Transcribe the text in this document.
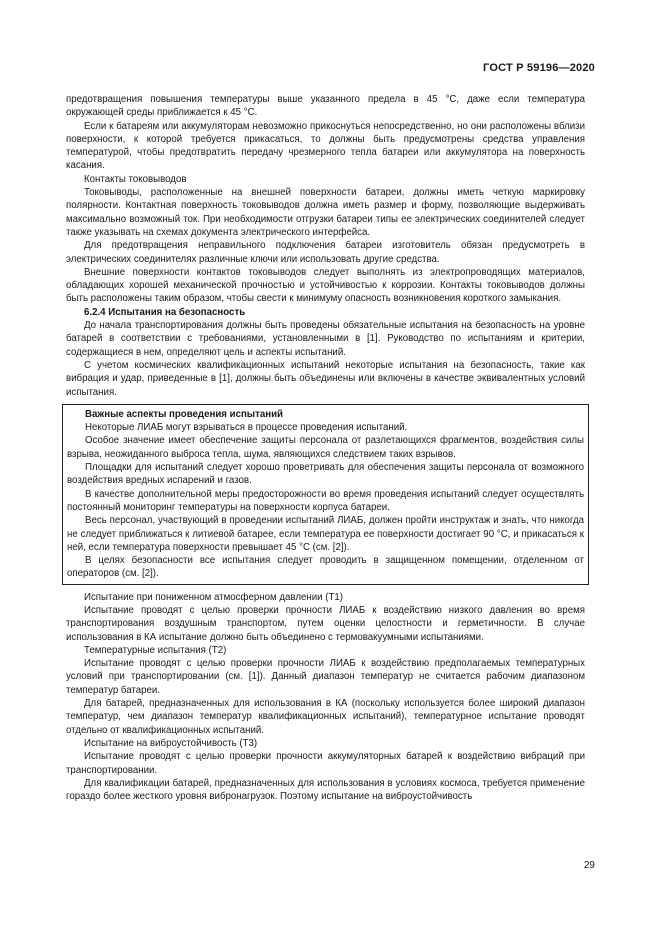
ГОСТ Р 59196—2020

предотвращения повышения температуры выше указанного предела в 45 °С, даже если температура окружающей среды приближается к 45 °С.

Если к батареям или аккумуляторам невозможно прикоснуться непосредственно, но они расположены вблизи поверхности, к которой требуется прикасаться, то должны быть предусмотрены средства управления температурой, чтобы предотвратить передачу чрезмерного тепла батареи или аккумулятора на поверхность касания.

Контакты токовыводов

Токовыводы, расположенные на внешней поверхности батареи, должны иметь четкую маркировку полярности. Контактная поверхность токовыводов должна иметь размер и форму, позволяющие выдерживать максимально возможный ток. При необходимости отгрузки батареи типы ее электрических соединителей следует также указывать на схемах документа электрического интерфейса.

Для предотвращения неправильного подключения батареи изготовитель обязан предусмотреть в электрических соединителях различные ключи или использовать другие средства.

Внешние поверхности контактов токовыводов следует выполнять из электропроводящих материалов, обладающих хорошей механической прочностью и устойчивостью к коррозии. Контакты токовыводов должны быть расположены таким образом, чтобы свести к минимуму опасность возникновения короткого замыкания.

6.2.4 Испытания на безопасность

До начала транспортирования должны быть проведены обязательные испытания на безопасность на уровне батарей в соответствии с требованиями, установленными в [1]. Руководство по испытаниям и критерии, содержащиеся в нем, определяют цель и аспекты испытаний.

С учетом космических квалификационных испытаний некоторые испытания на безопасность, такие как вибрация и удар, приведенные в [1], должны быть объединены или включены в качестве эквивалентных условий испытания.

Важные аспекты проведения испытаний

Некоторые ЛИАБ могут взрываться в процессе проведения испытаний.

Особое значение имеет обеспечение защиты персонала от разлетающихся фрагментов, воздействия силы взрыва, неожиданного выброса тепла, шума, являющихся следствием таких взрывов.

Площадки для испытаний следует хорошо проветривать для обеспечения защиты персонала от возможного воздействия вредных испарений и газов.

В качестве дополнительной меры предосторожности во время проведения испытаний следует осуществлять постоянный мониторинг температуры на поверхности корпуса батареи.

Весь персонал, участвующий в проведении испытаний ЛИАБ, должен пройти инструктаж и знать, что никогда не следует приближаться к литиевой батарее, если температура ее поверхности достигает 90 °С, и прикасаться к ней, если температура поверхности превышает 45 °С (см. [2]).

В целях безопасности все испытания следует проводить в защищенном помещении, отделенном от операторов (см. [2]).

Испытание при пониженном атмосферном давлении (Т1)

Испытание проводят с целью проверки прочности ЛИАБ к воздействию низкого давления во время транспортирования воздушным транспортом, путем оценки целостности и герметичности. В случае использования в КА испытание должно быть объединено с термовакуумными испытаниями.

Температурные испытания (Т2)

Испытание проводят с целью проверки прочности ЛИАБ к воздействию предполагаемых температурных условий при транспортировании (см. [1]). Данный диапазон температур не считается рабочим диапазоном температур батареи.

Для батарей, предназначенных для использования в КА (поскольку используется более широкий диапазон температур, чем диапазон температур квалификационных испытаний), температурное испытание проводят отдельно от квалификационных испытаний.

Испытание на виброустойчивость (Т3)

Испытание проводят с целью проверки прочности аккумуляторных батарей к воздействию вибраций при транспортировании.

Для квалификации батарей, предназначенных для использования в условиях космоса, требуется применение гораздо более жесткого уровня вибронагрузок. Поэтому испытание на виброустойчивость

29
